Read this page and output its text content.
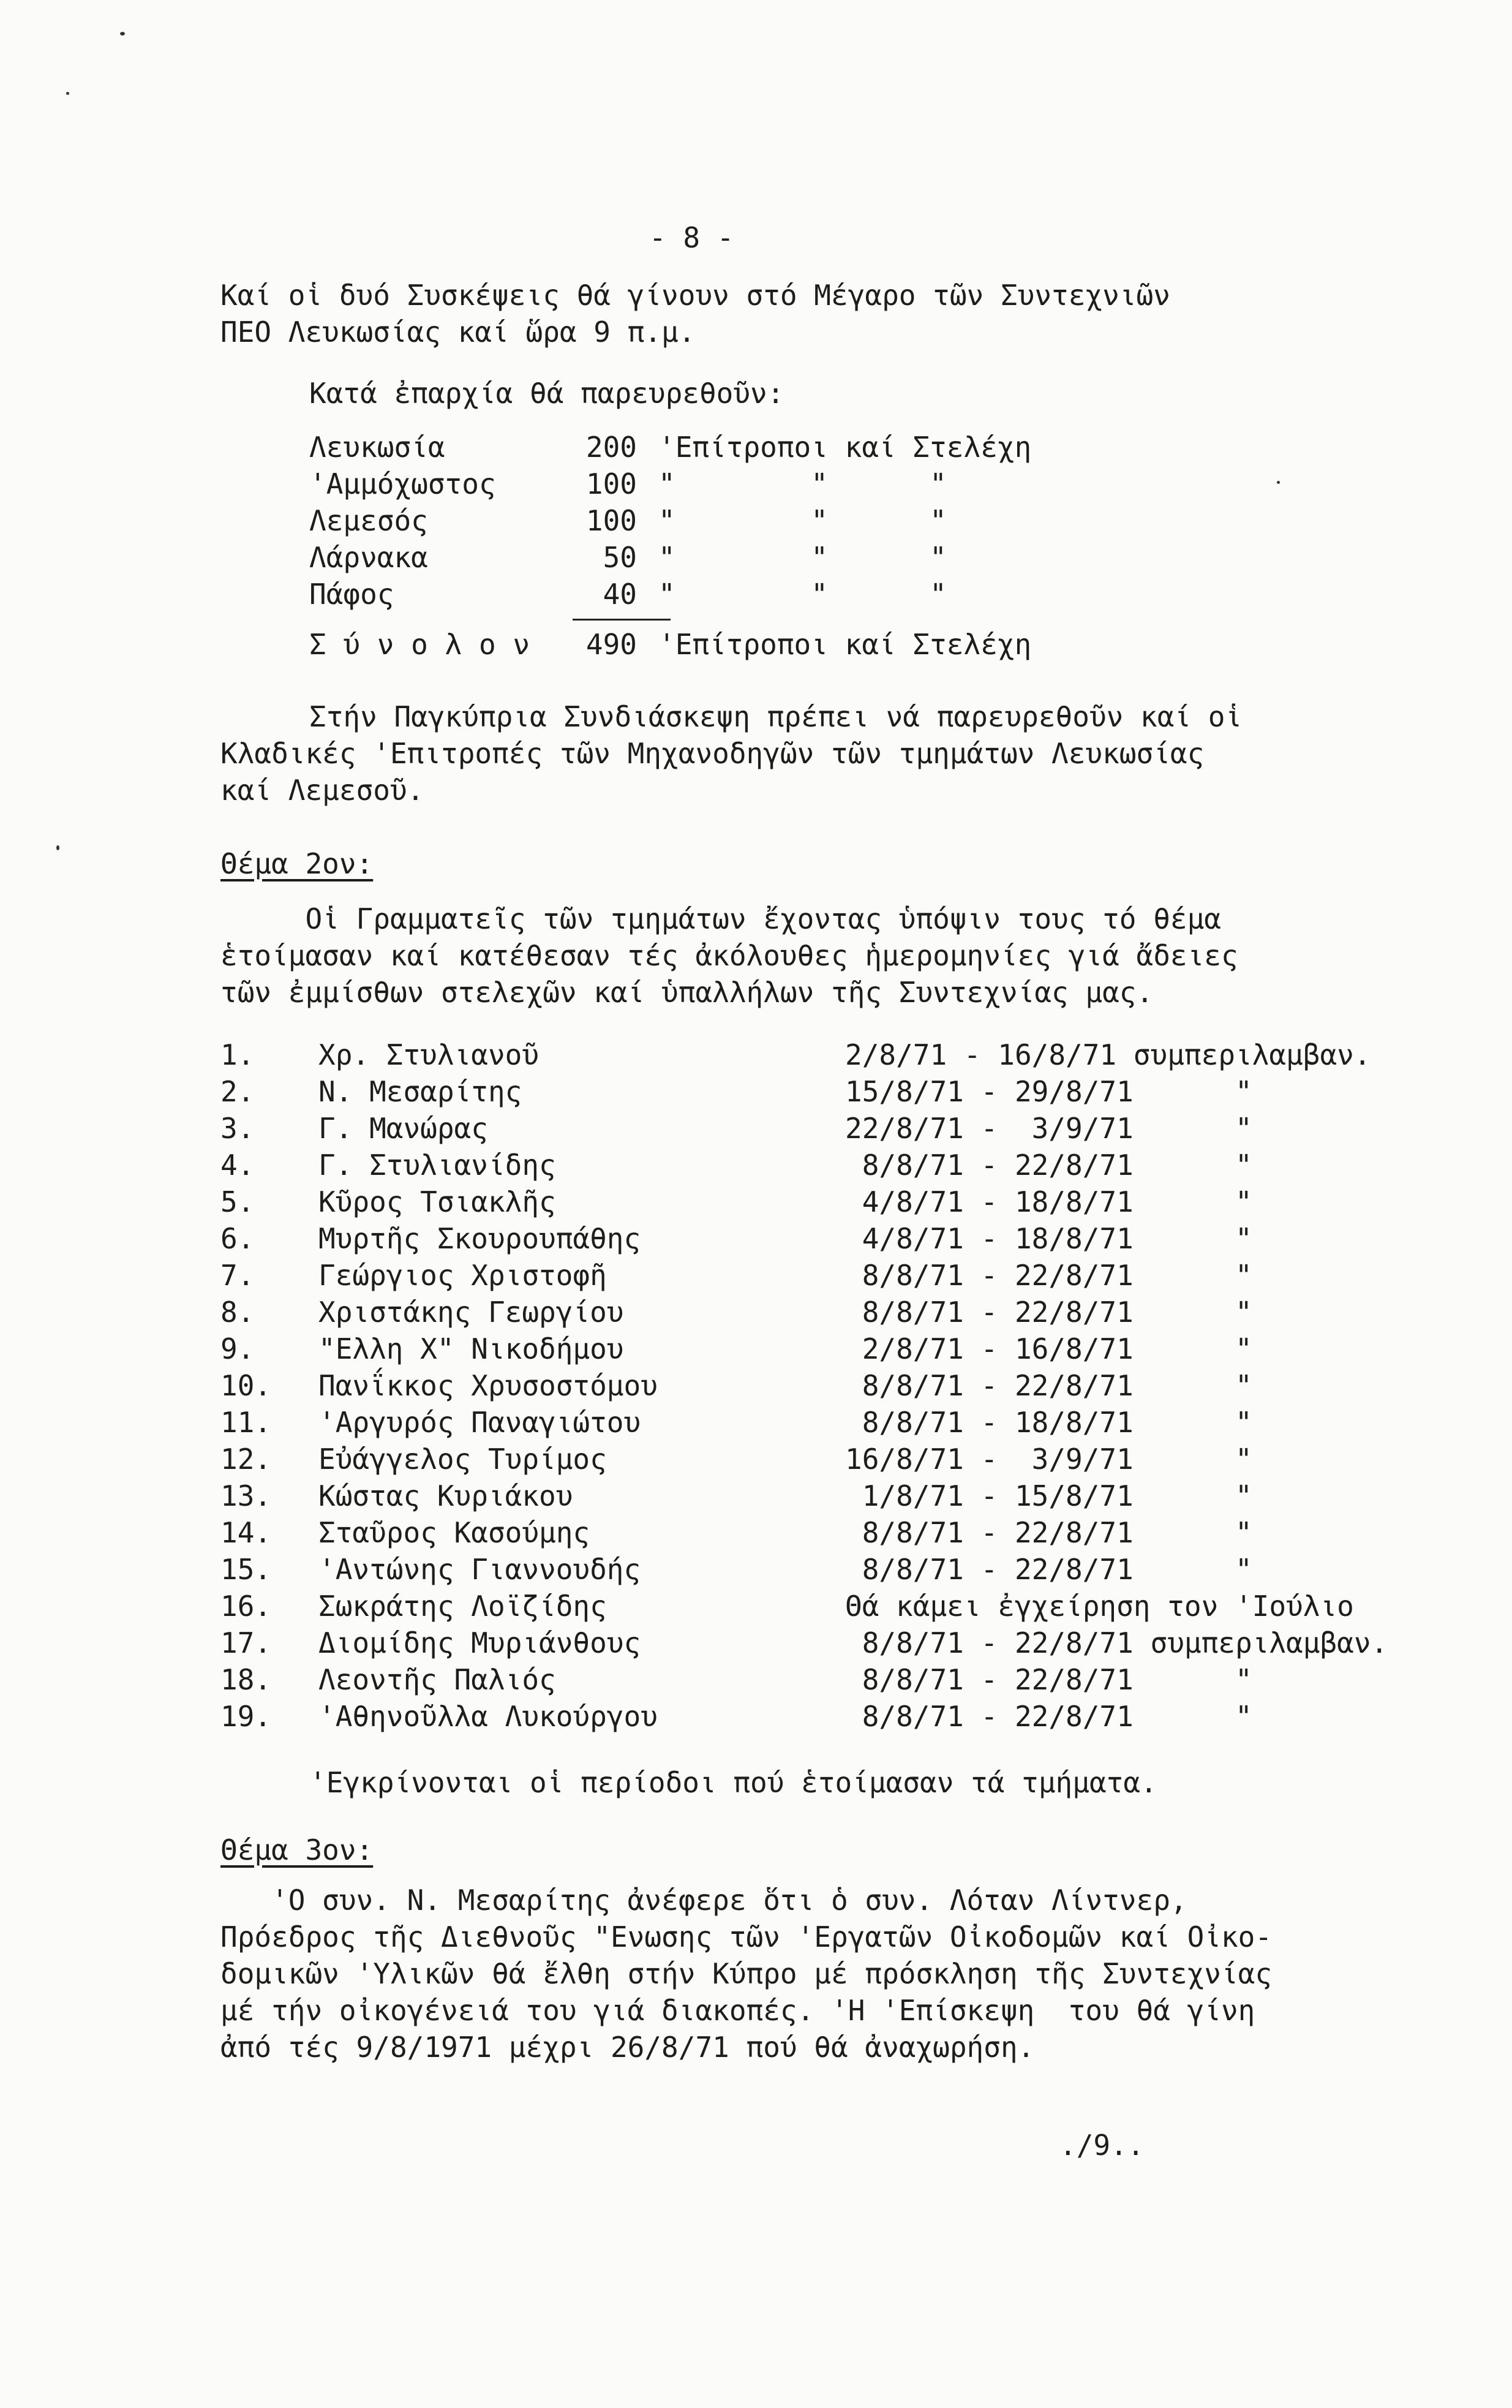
- 8 -
Καί οἱ δυό Συσκέψεις θά γίνουν στό Μέγαρο τῶν Συντεχνιῶν
ΠΕΟ Λευκωσίας καί ὥρα 9 π.μ.
Κατά ἐπαρχία θά παρευρεθοῦν:
Λευκωσία	200 'Επίτροποι καί Στελέχη
'Αμμόχωστος	100 "        "      "
Λεμεσός	100 "        "      "
Λάρνακα	50 "        "      "
Πάφος	40 "        "      "
Σ ύ ν ο λ ο ν	490 'Επίτροποι καί Στελέχη
Στήν Παγκύπρια Συνδιάσκεψη πρέπει νά παρευρεθοῦν καί οἱ
Κλαδικές 'Επιτροπές τῶν Μηχανοδηγῶν τῶν τμημάτων Λευκωσίας
καί Λεμεσοῦ.
Θέμα 2ον:
Οἱ Γραμματεῖς τῶν τμημάτων ἔχοντας ὑπόψιν τους τό θέμα
ἑτοίμασαν καί κατέθεσαν τές ἀκόλουθες ἡμερομηνίες γιά ἄδειες
τῶν ἐμμίσθων στελεχῶν καί ὑπαλλήλων τῆς Συντεχνίας μας.
1.	Χρ. Στυλιανοῦ	2/8/71 - 16/8/71 συμπεριλαμβαν.
2.	Ν. Μεσαρίτης	15/8/71 - 29/8/71      "
3.	Γ. Μανώρας	22/8/71 -  3/9/71      "
4.	Γ. Στυλιανίδης	8/8/71 - 22/8/71      "
5.	Κῦρος Τσιακλῆς	4/8/71 - 18/8/71      "
6.	Μυρτῆς Σκουρουπάθης	4/8/71 - 18/8/71      "
7.	Γεώργιος Χριστοφῆ	8/8/71 - 22/8/71      "
8.	Χριστάκης Γεωργίου	8/8/71 - 22/8/71      "
9.	"Ελλη Χ" Νικοδήμου	2/8/71 - 16/8/71      "
10.	Πανΐκκος Χρυσοστόμου	8/8/71 - 22/8/71      "
11.	'Αργυρός Παναγιώτου	8/8/71 - 18/8/71      "
12.	Εὐάγγελος Τυρίμος	16/8/71 -  3/9/71      "
13.	Κώστας Κυριάκου	1/8/71 - 15/8/71      "
14.	Σταῦρος Κασούμης	8/8/71 - 22/8/71      "
15.	'Αντώνης Γιαννουδής	8/8/71 - 22/8/71      "
16.	Σωκράτης Λοϊζίδης	Θά κάμει ἐγχείρηση τον 'Ιούλιο
17.	Διομίδης Μυριάνθους	8/8/71 - 22/8/71 συμπεριλαμβαν.
18.	Λεοντῆς Παλιός	8/8/71 - 22/8/71      "
19.	'Αθηνοῦλλα Λυκούργου	8/8/71 - 22/8/71      "
'Εγκρίνονται οἱ περίοδοι πού ἑτοίμασαν τά τμήματα.
Θέμα 3ον:
'Ο συν. Ν. Μεσαρίτης ἀνέφερε ὅτι ὁ συν. Λόταν Λίντνερ,
Πρόεδρος τῆς Διεθνοῦς "Ενωσης τῶν 'Εργατῶν Οἰκοδομῶν καί Οἰκο-
δομικῶν 'Υλικῶν θά ἔλθη στήν Κύπρο μέ πρόσκληση τῆς Συντεχνίας
μέ τήν οἰκογένειά του γιά διακοπές. 'Η 'Επίσκεψη  του θά γίνη
ἀπό τές 9/8/1971 μέχρι 26/8/71 πού θά ἀναχωρήση.
./9..
